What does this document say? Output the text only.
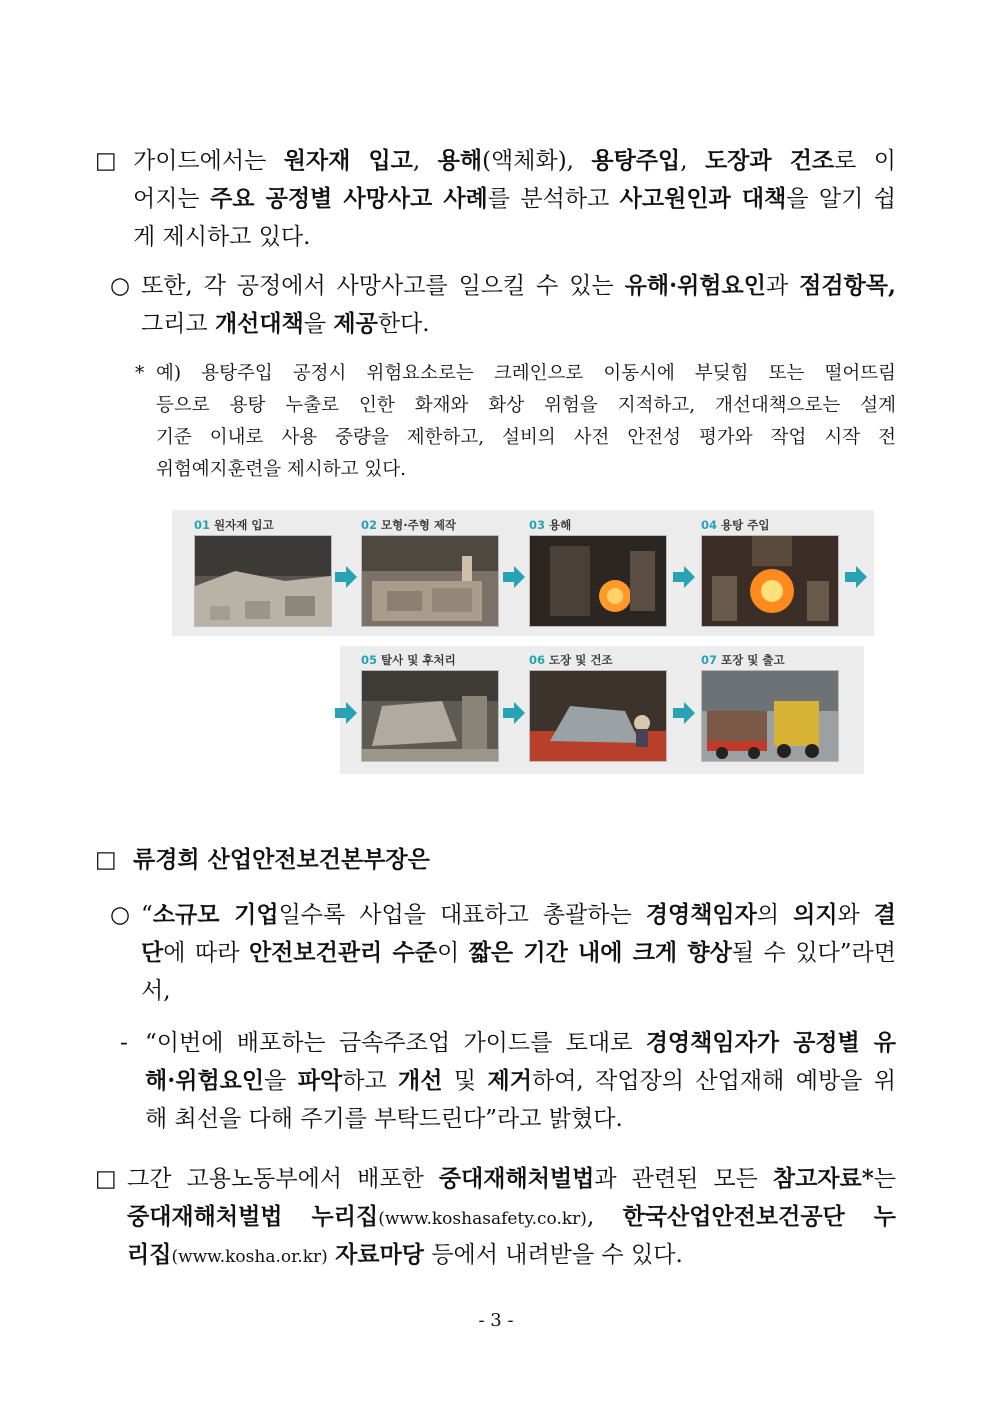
□ 가이드에서는 원자재 입고, 용해(액체화), 용탕주입, 도장과 건조로 이
어지는 주요 공정별 사망사고 사례를 분석하고 사고원인과 대책을 알기 쉽
게 제시하고 있다.
○ 또한, 각 공정에서 사망사고를 일으킬 수 있는 유해·위험요인과 점검항목,
그리고 개선대책을 제공한다.
* 예) 용탕주입 공정시 위험요소로는 크레인으로 이동시에 부딪힘 또는 떨어뜨림
등으로 용탕 누출로 인한 화재와 화상 위험을 지적하고, 개선대책으로는 설계
기준 이내로 사용 중량을 제한하고, 설비의 사전 안전성 평가와 작업 시작 전
위험예지훈련을 제시하고 있다.
01 원자재 입고	02 모형·주형 제작	03 용해	04 용탕 주입
05 탈사 및 후처리	06 도장 및 건조	07 포장 및 출고
□ 류경희 산업안전보건본부장은
○ “소규모 기업일수록 사업을 대표하고 총괄하는 경영책임자의 의지와 결
단에 따라 안전보건관리 수준이 짧은 기간 내에 크게 향상될 수 있다”라면
서,
- “이번에 배포하는 금속주조업 가이드를 토대로 경영책임자가 공정별 유
해·위험요인을 파악하고 개선 및 제거하여, 작업장의 산업재해 예방을 위
해 최선을 다해 주기를 부탁드린다”라고 밝혔다.
□ 그간 고용노동부에서 배포한 중대재해처벌법과 관련된 모든 참고자료*는
중대재해처벌법 누리집(www.koshasafety.co.kr), 한국산업안전보건공단 누
리집(www.kosha.or.kr) 자료마당 등에서 내려받을 수 있다.
- 3 -
